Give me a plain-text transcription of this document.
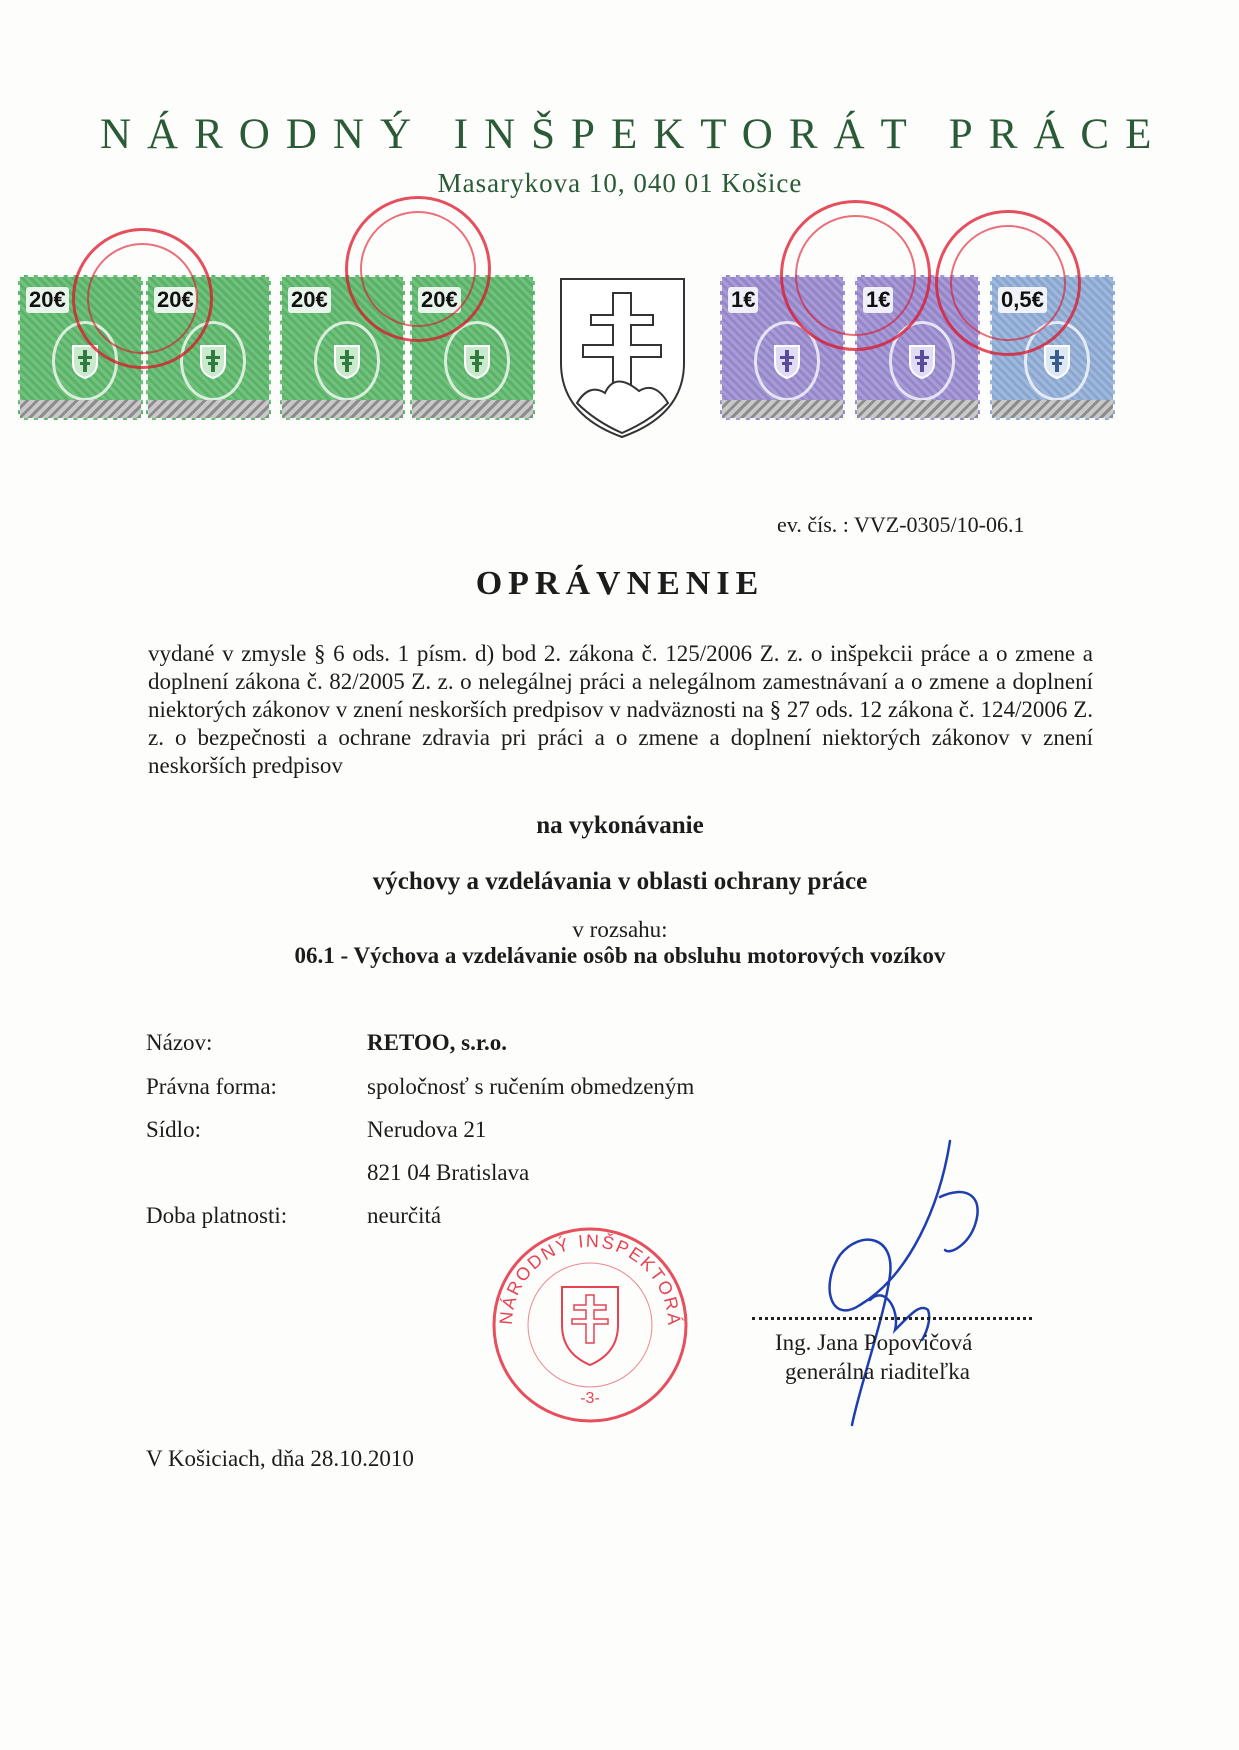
NÁRODNÝ INŠPEKTORÁT PRÁCE
Masarykova 10, 040 01 Košice
20€	20€	20€	20€	1€	1€	0,5€
ev. čís. : VVZ-0305/10-06.1
OPRÁVNENIE
vydané v zmysle § 6 ods. 1 písm. d) bod 2. zákona č. 125/2006 Z. z. o inšpekcii práce a o zmene a doplnení zákona č. 82/2005 Z. z. o nelegálnej práci a nelegálnom zamestnávaní a o zmene a doplnení niektorých zákonov v znení neskorších predpisov v nadväznosti na § 27 ods. 12 zákona č. 124/2006 Z. z. o bezpečnosti a ochrane zdravia pri práci a o zmene a doplnení niektorých zákonov v znení neskorších predpisov
na vykonávanie
výchovy a vzdelávania v oblasti ochrany práce
v rozsahu:
06.1 - Výchova a vzdelávanie osôb na obsluhu motorových vozíkov
Názov:	RETOO, s.r.o.
Právna forma:	spoločnosť s ručením obmedzeným
Sídlo:	Nerudova 21
821 04 Bratislava
Doba platnosti:	neurčitá
NÁRODNÝ INŠPEKTORÁ
-3-
Ing. Jana Popovičová
generálna riaditeľka
V Košiciach, dňa 28.10.2010
